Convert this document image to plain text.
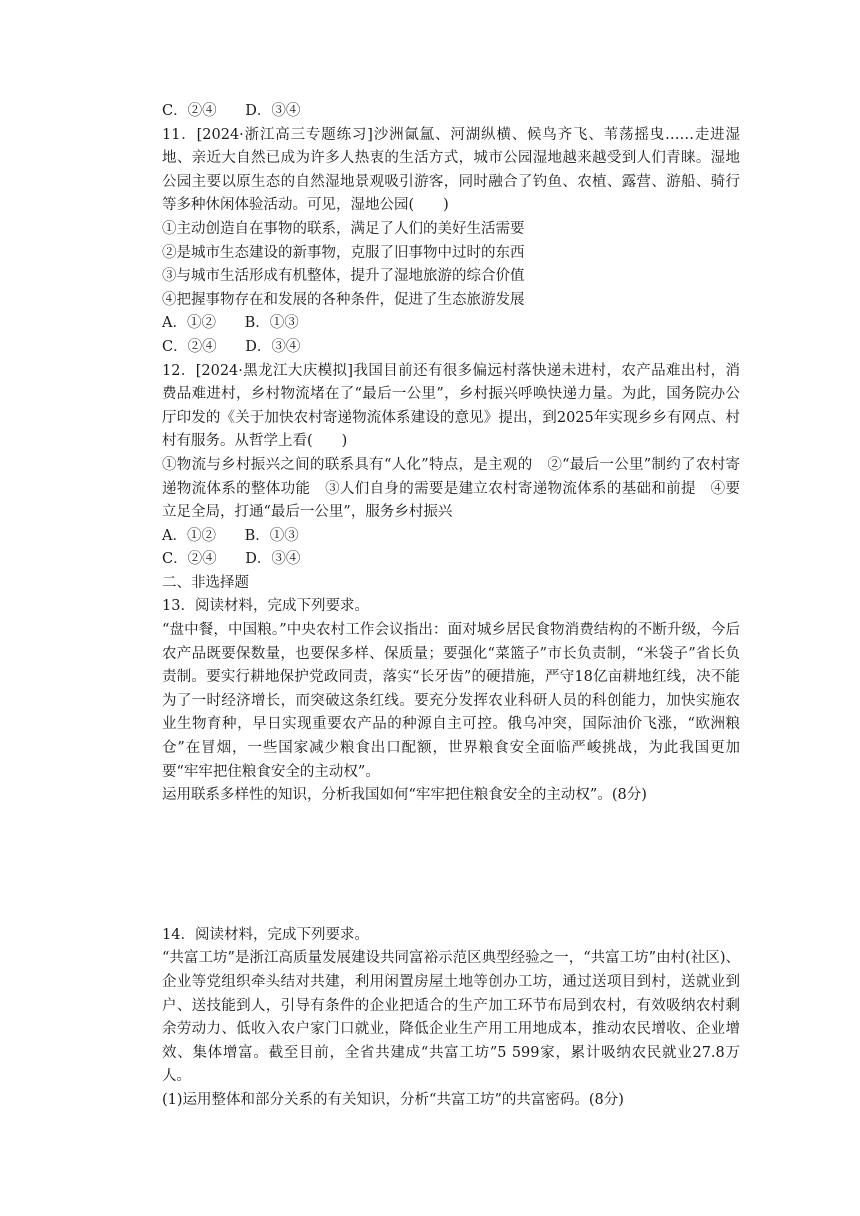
C．②④ D．③④
11．[2024·浙江高三专题练习]沙洲氤氲、河湖纵横、候鸟齐飞、苇荡摇曳……走进湿地、亲近大自然已成为许多人热衷的生活方式，城市公园湿地越来越受到人们青睐。湿地公园主要以原生态的自然湿地景观吸引游客，同时融合了钓鱼、农植、露营、游船、骑行等多种休闲体验活动。可见，湿地公园(　　)
①主动创造自在事物的联系，满足了人们的美好生活需要
②是城市生态建设的新事物，克服了旧事物中过时的东西
③与城市生活形成有机整体，提升了湿地旅游的综合价值
④把握事物存在和发展的各种条件，促进了生态旅游发展
A．①② B．①③
C．②④ D．③④
12．[2024·黑龙江大庆模拟]我国目前还有很多偏远村落快递未进村，农产品难出村，消费品难进村，乡村物流堵在了“最后一公里”，乡村振兴呼唤快递力量。为此，国务院办公厅印发的《关于加快农村寄递物流体系建设的意见》提出，到2025年实现乡乡有网点、村村有服务。从哲学上看(　　)
①物流与乡村振兴之间的联系具有“人化”特点，是主观的　②“最后一公里”制约了农村寄递物流体系的整体功能　③人们自身的需要是建立农村寄递物流体系的基础和前提　④要立足全局，打通“最后一公里”，服务乡村振兴
A．①② B．①③
C．②④ D．③④
二、非选择题
13．阅读材料，完成下列要求。
“盘中餐，中国粮。”中央农村工作会议指出：面对城乡居民食物消费结构的不断升级，今后农产品既要保数量，也要保多样、保质量；要强化“菜篮子”市长负责制，“米袋子”省长负责制。要实行耕地保护党政同责，落实“长牙齿”的硬措施，严守18亿亩耕地红线，决不能为了一时经济增长，而突破这条红线。要充分发挥农业科研人员的科创能力，加快实施农业生物育种，早日实现重要农产品的种源自主可控。俄乌冲突，国际油价飞涨，“欧洲粮仓”在冒烟，一些国家减少粮食出口配额，世界粮食安全面临严峻挑战，为此我国更加要“牢牢把住粮食安全的主动权”。
运用联系多样性的知识，分析我国如何“牢牢把住粮食安全的主动权”。(8分)
14．阅读材料，完成下列要求。
“共富工坊”是浙江高质量发展建设共同富裕示范区典型经验之一，“共富工坊”由村(社区)、企业等党组织牵头结对共建，利用闲置房屋土地等创办工坊，通过送项目到村，送就业到户、送技能到人，引导有条件的企业把适合的生产加工环节布局到农村，有效吸纳农村剩余劳动力、低收入农户家门口就业，降低企业生产用工用地成本，推动农民增收、企业增效、集体增富。截至目前，全省共建成“共富工坊”5 599家，累计吸纳农民就业27.8万人。
(1)运用整体和部分关系的有关知识，分析“共富工坊”的共富密码。(8分)
